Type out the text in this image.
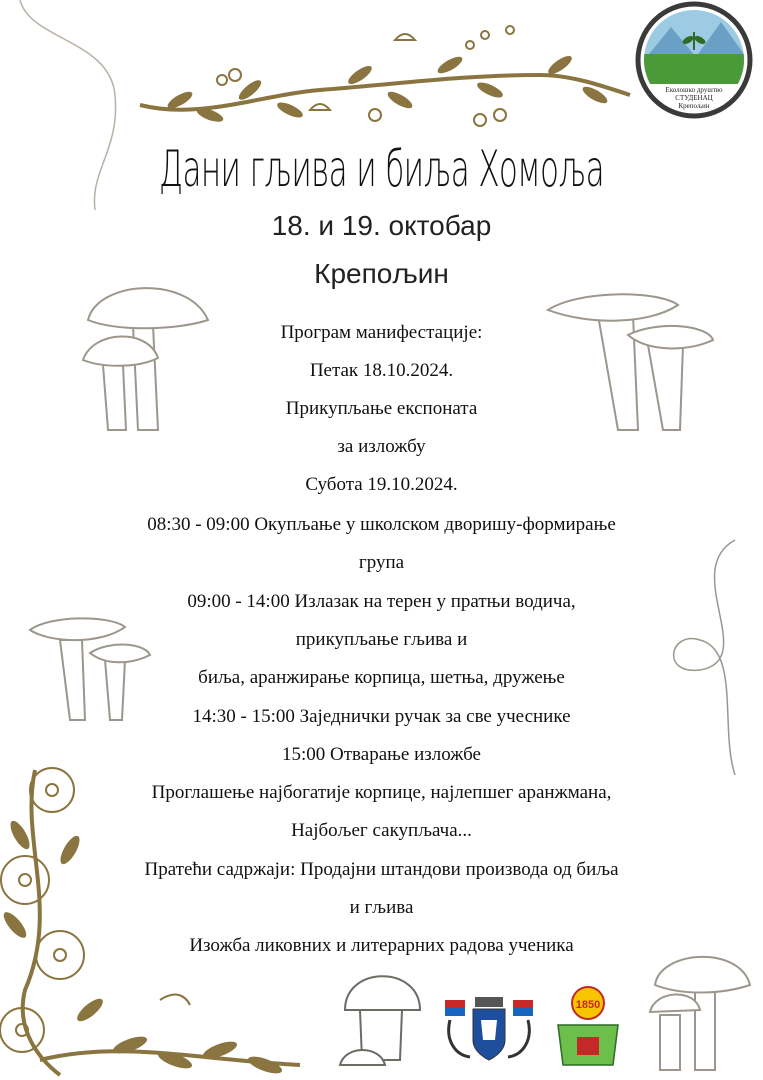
Еколошко друштво
СТУДЕНАЦ
Крепољин
Дани гљива и биља Хомоља
18. и 19. октобар
Крепољин
1850
Програм манифестације:
Петак 18.10.2024.
Прикупљање експоната
за изложбу
Субота 19.10.2024.
08:30 - 09:00 Окупљање у школском дворишу-формирање
група
09:00 - 14:00 Излазак на терен у пратњи водича,
прикупљање гљива и
биља, аранжирање корпица, шетња, дружење
14:30 - 15:00 Заједнички ручак за све учеснике
15:00 Отварање изложбе
Проглашење најбогатије корпице, најлепшег аранжмана,
Најбољег сакупљача...
Пратећи садржаји: Продајни штандови производа од биља
и гљива
Изожба ликовних и литерарних радова ученика
